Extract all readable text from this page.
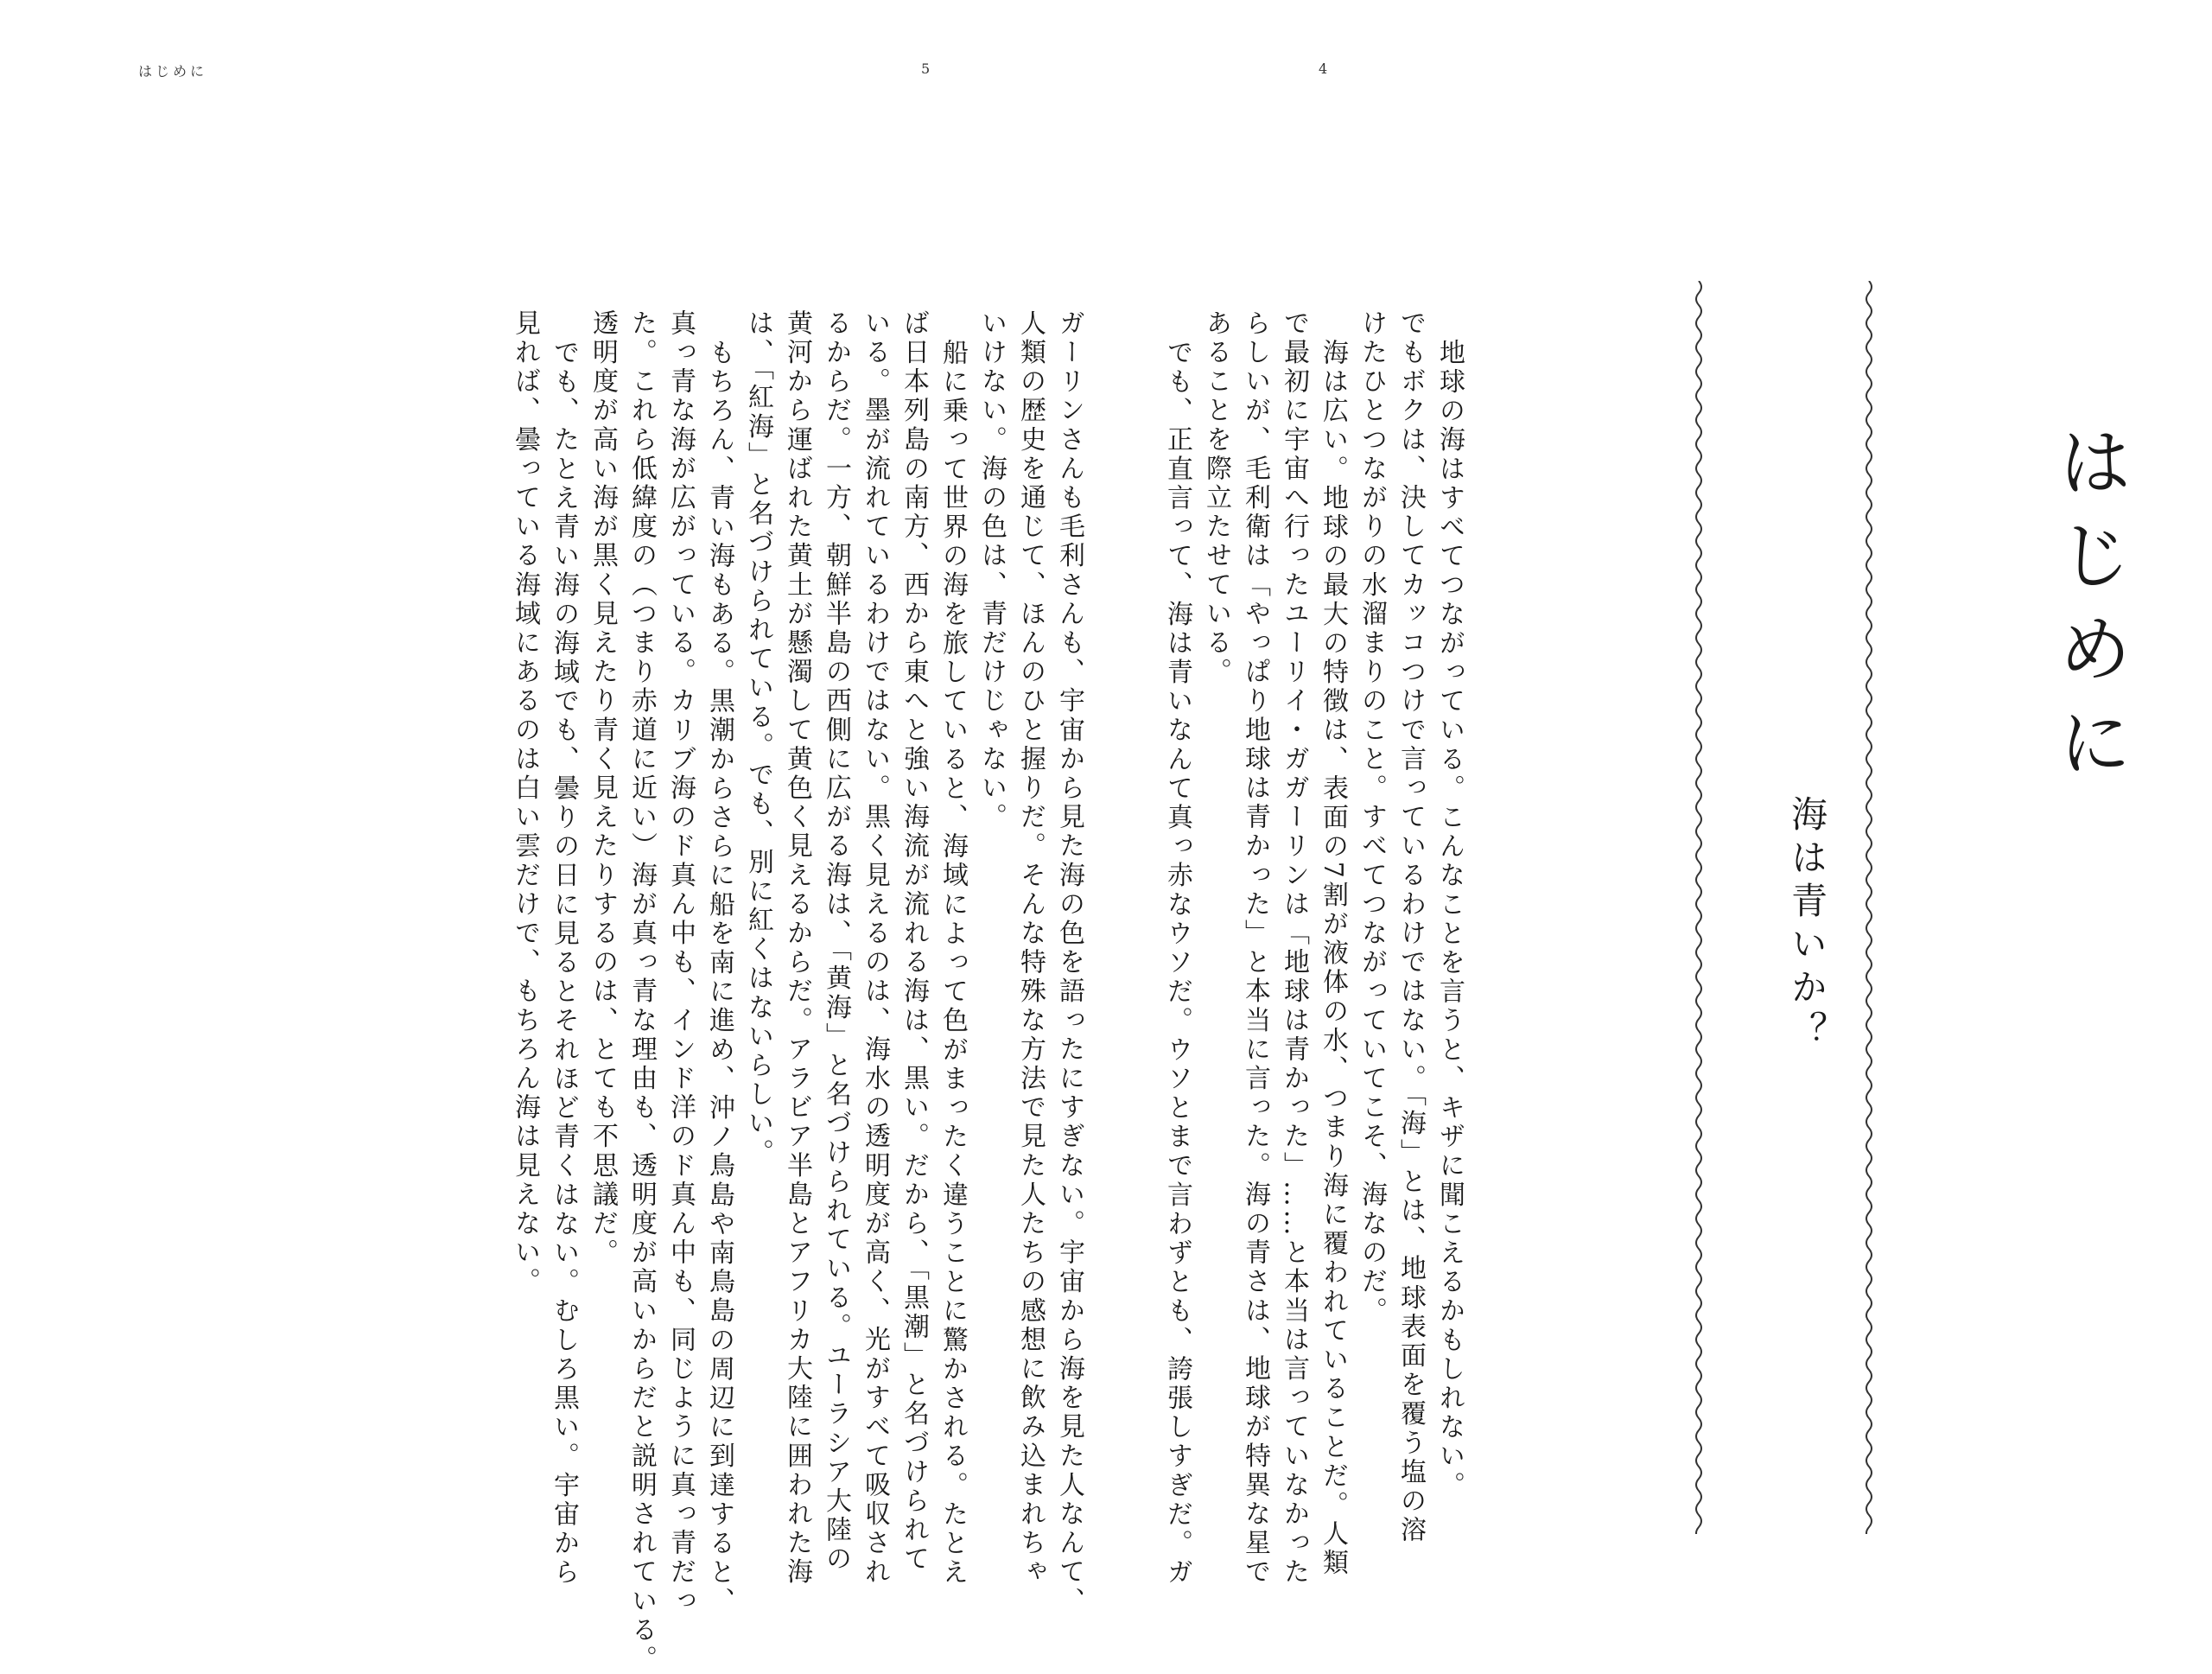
はじめに	5	4
はじめに
海は青いか？
地球の海はすべてつながっている。こんなことを言うと、キザに聞こえるかもしれない。
でもボクは、決してカッコつけで言っているわけではない。「海」とは、地球表面を覆う塩の溶
けたひとつながりの水溜まりのこと。すべてつながっていてこそ、海なのだ。
海は広い。地球の最大の特徴は、表面の7割が液体の水、つまり海に覆われていることだ。人類
で最初に宇宙へ行ったユーリイ・ガガーリンは「地球は青かった」……と本当は言っていなかった
らしいが、毛利衛は「やっぱり地球は青かった」と本当に言った。海の青さは、地球が特異な星で
あることを際立たせている。
でも、正直言って、海は青いなんて真っ赤なウソだ。ウソとまで言わずとも、誇張しすぎだ。ガ
ガーリンさんも毛利さんも、宇宙から見た海の色を語ったにすぎない。宇宙から海を見た人なんて、
人類の歴史を通じて、ほんのひと握りだ。そんな特殊な方法で見た人たちの感想に飲み込まれちゃ
いけない。海の色は、青だけじゃない。
船に乗って世界の海を旅していると、海域によって色がまったく違うことに驚かされる。たとえ
ば日本列島の南方、西から東へと強い海流が流れる海は、黒い。だから、「黒潮」と名づけられて
いる。墨が流れているわけではない。黒く見えるのは、海水の透明度が高く、光がすべて吸収され
るからだ。一方、朝鮮半島の西側に広がる海は、「黄海」と名づけられている。ユーラシア大陸の
黄河から運ばれた黄土が懸濁して黄色く見えるからだ。アラビア半島とアフリカ大陸に囲われた海
は、「紅海」と名づけられている。でも、別に紅くはないらしい。
もちろん、青い海もある。黒潮からさらに船を南に進め、沖ノ鳥島や南鳥島の周辺に到達すると、
真っ青な海が広がっている。カリブ海のド真ん中も、インド洋のド真ん中も、同じように真っ青だっ
た。これら低緯度の（つまり赤道に近い）海が真っ青な理由も、透明度が高いからだと説明されている。
透明度が高い海が黒く見えたり青く見えたりするのは、とても不思議だ。
でも、たとえ青い海の海域でも、曇りの日に見るとそれほど青くはない。むしろ黒い。宇宙から
見れば、曇っている海域にあるのは白い雲だけで、もちろん海は見えない。
